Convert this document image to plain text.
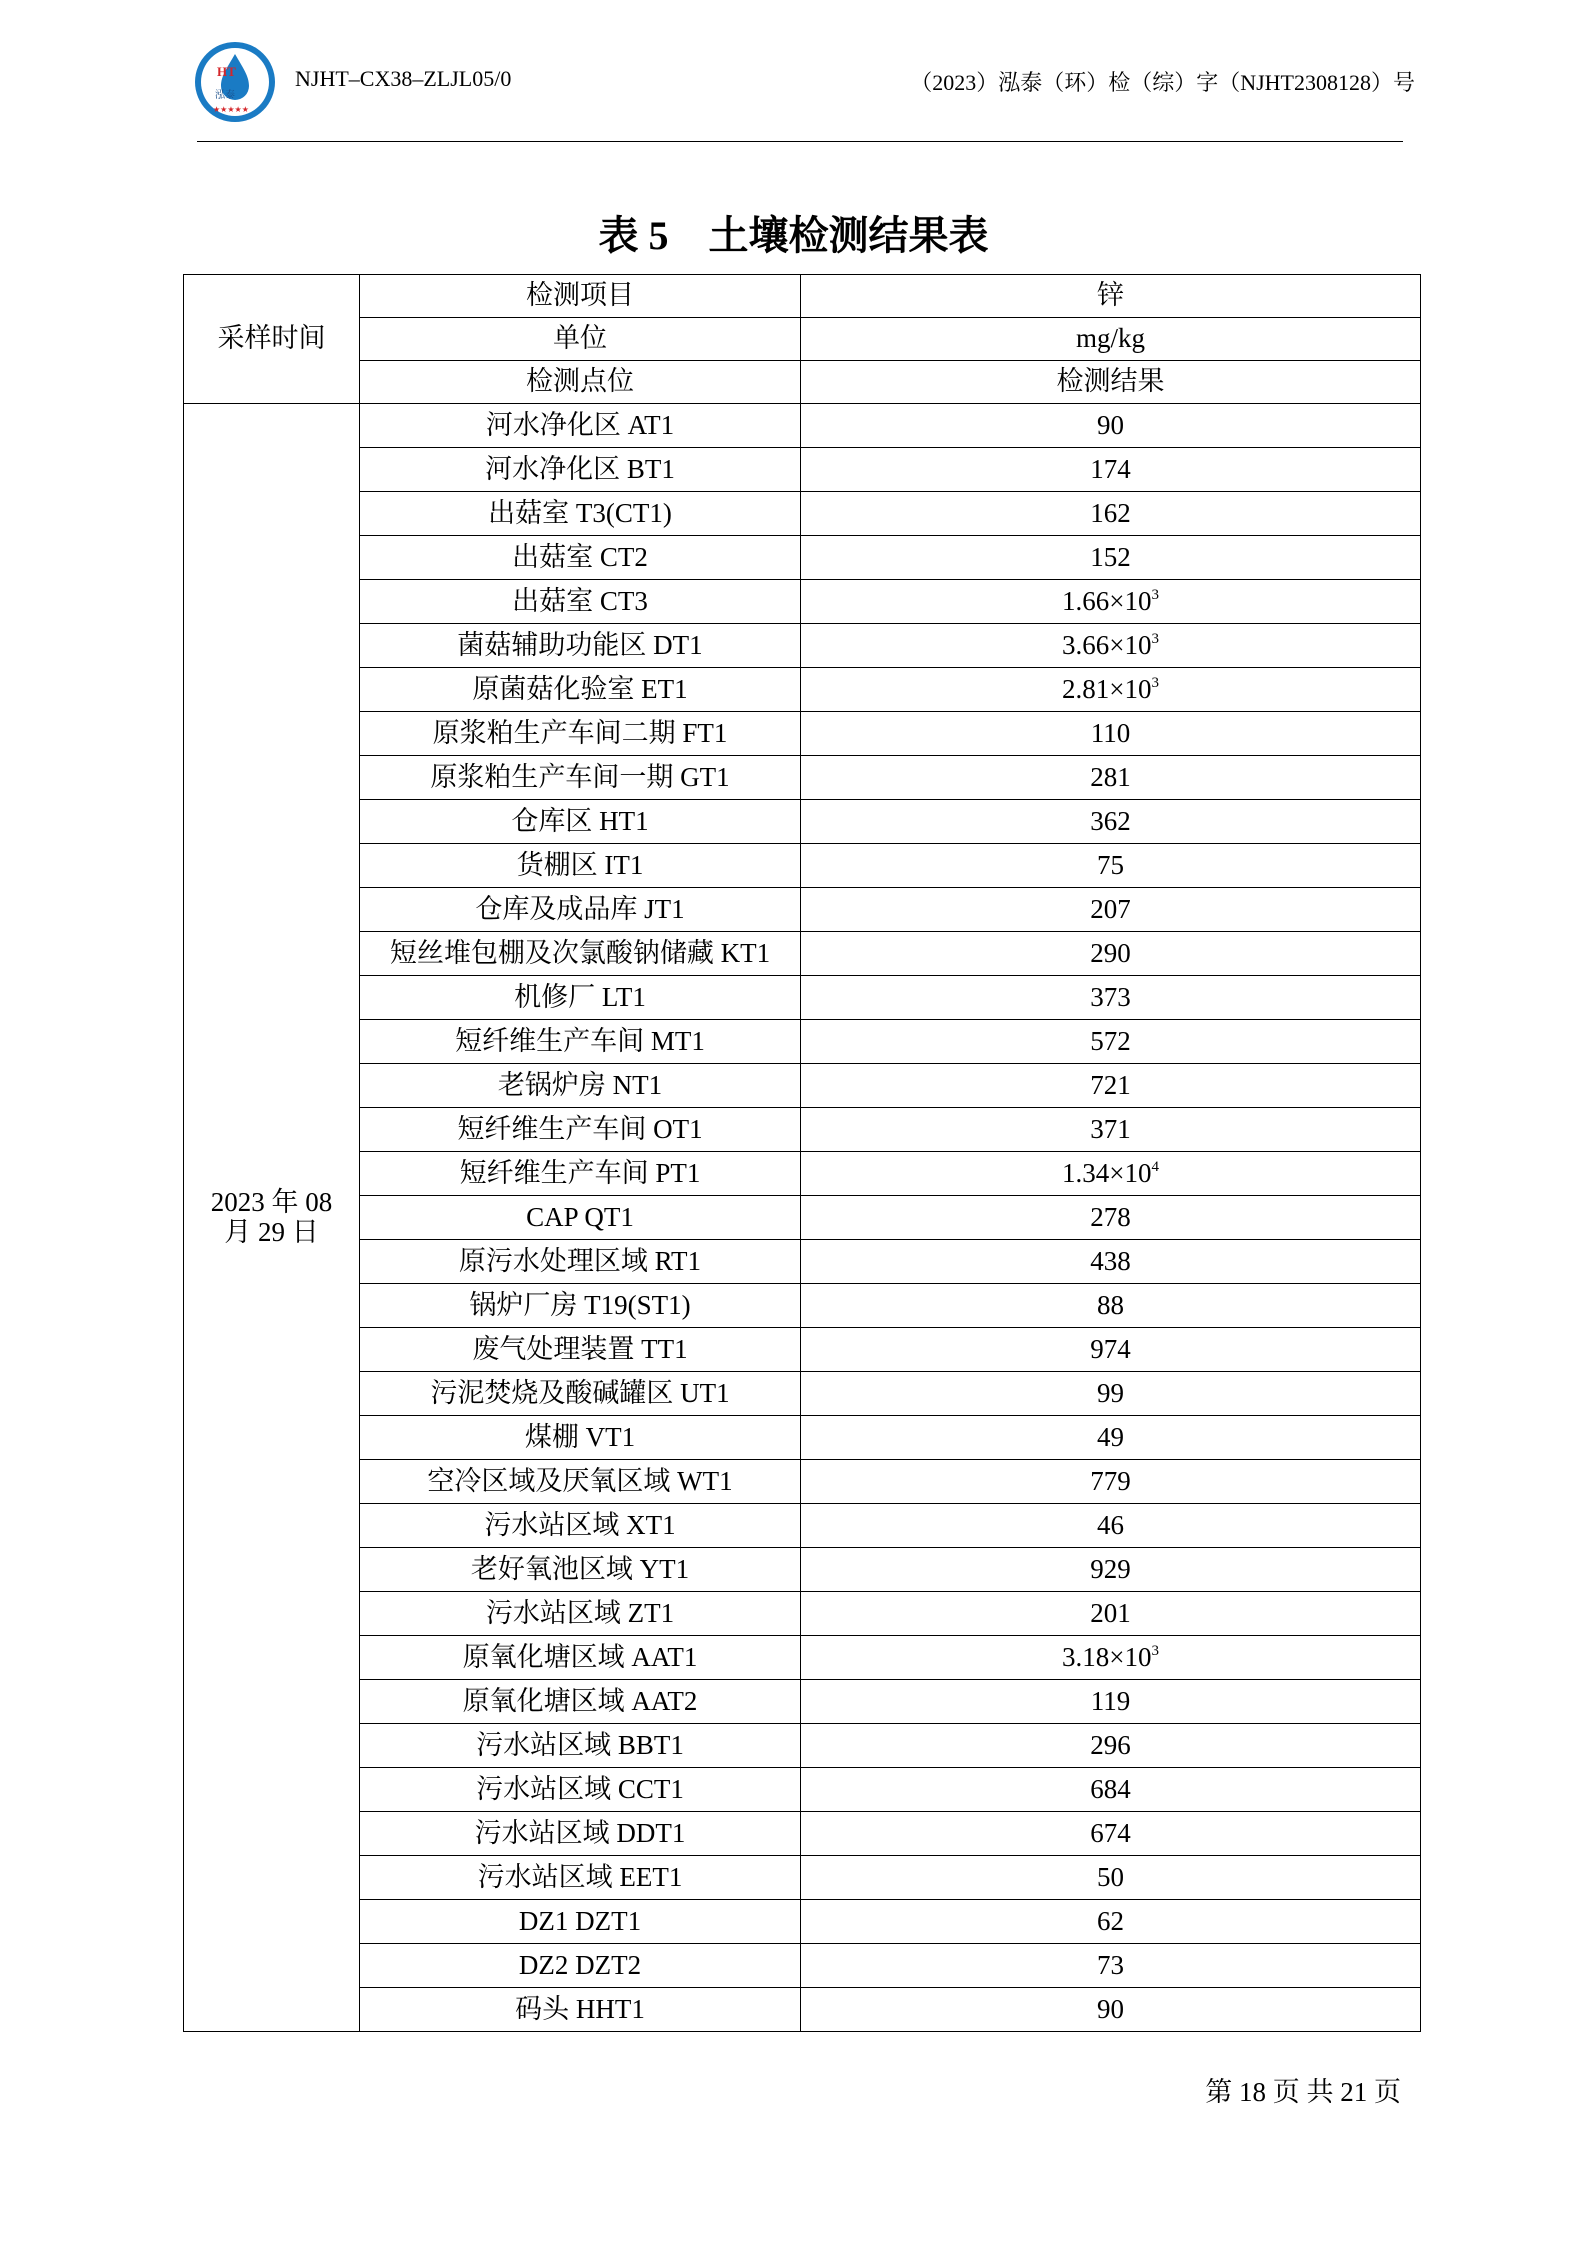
HT
泓泰
★★★★★
NJHT–CX38–ZLJL05/0	（2023）泓泰（环）检（综）字（NJHT2308128）号
表 5　土壤检测结果表
采样时间	检测项目	锌
	单位	mg/kg
	检测点位	检测结果
2023 年 08 月 29 日	河水净化区 AT1	90
	河水净化区 BT1	174
	出菇室 T3(CT1)	162
	出菇室 CT2	152
	出菇室 CT3	$1.66\times 10^3$
	菌菇辅助功能区 DT1	$3.66\times 10^3$
	原菌菇化验室 ET1	$2.81\times 10^3$
	原浆粕生产车间二期 FT1	110
	原浆粕生产车间一期 GT1	281
	仓库区 HT1	362
	货棚区 IT1	75
	仓库及成品库 JT1	207
	短丝堆包棚及次氯酸钠储藏 KT1	290
	机修厂 LT1	373
	短纤维生产车间 MT1	572
	老锅炉房 NT1	721
	短纤维生产车间 OT1	371
	短纤维生产车间 PT1	$1.34\times 10^4$
	CAP QT1	278
	原污水处理区域 RT1	438
	锅炉厂房 T19(ST1)	88
	废气处理装置 TT1	974
	污泥焚烧及酸碱罐区 UT1	99
	煤棚 VT1	49
	空冷区域及厌氧区域 WT1	779
	污水站区域 XT1	46
	老好氧池区域 YT1	929
	污水站区域 ZT1	201
	原氧化塘区域 AAT1	$3.18\times 10^3$
	原氧化塘区域 AAT2	119
	污水站区域 BBT1	296
	污水站区域 CCT1	684
	污水站区域 DDT1	674
	污水站区域 EET1	50
	DZ1 DZT1	62
	DZ2 DZT2	73
	码头 HHT1	90
第 18 页 共 21 页
